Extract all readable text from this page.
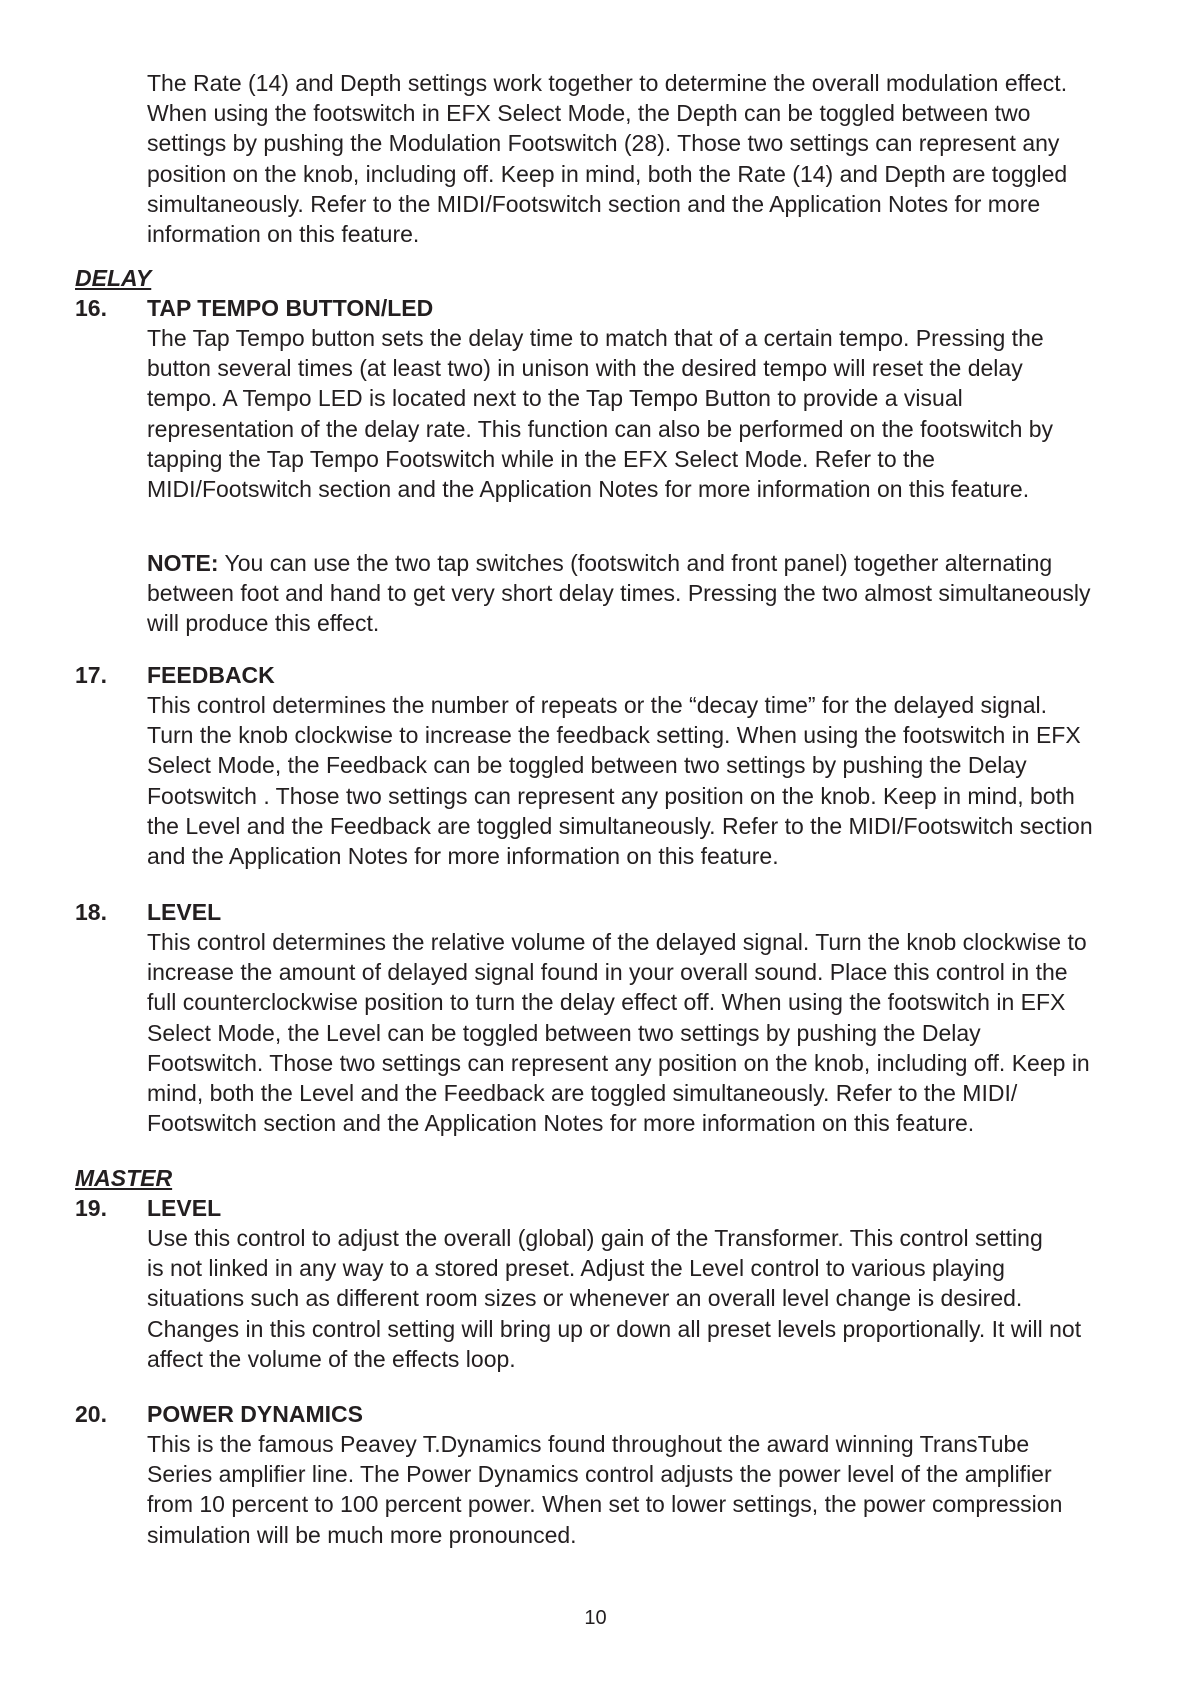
The Rate (14) and Depth settings work together to determine the overall modulation effect.
When using the footswitch in EFX Select Mode, the Depth can be toggled between two
settings by pushing the Modulation Footswitch (28). Those two settings can represent any
position on the knob, including off. Keep in mind, both the Rate (14) and Depth are toggled
simultaneously. Refer to the MIDI/Footswitch section and the Application Notes for more
information on this feature.

DELAY
16. TAP TEMPO BUTTON/LED

The Tap Tempo button sets the delay time to match that of a certain tempo. Pressing the
button several times (at least two) in unison with the desired tempo will reset the delay
tempo. A Tempo LED is located next to the Tap Tempo Button to provide a visual
representation of the delay rate. This function can also be performed on the footswitch by
tapping the Tap Tempo Footswitch while in the EFX Select Mode. Refer to the
MIDI/Footswitch section and the Application Notes for more information on this feature.

NOTE: You can use the two tap switches (footswitch and front panel) together alternating
between foot and hand to get very short delay times. Pressing the two almost simultaneously
will produce this effect.

17. FEEDBACK

This control determines the number of repeats or the “decay time” for the delayed signal.
Turn the knob clockwise to increase the feedback setting. When using the footswitch in EFX
Select Mode, the Feedback can be toggled between two settings by pushing the Delay
Footswitch . Those two settings can represent any position on the knob. Keep in mind, both
the Level and the Feedback are toggled simultaneously. Refer to the MIDI/Footswitch section
and the Application Notes for more information on this feature.

18. LEVEL

This control determines the relative volume of the delayed signal. Turn the knob clockwise to
increase the amount of delayed signal found in your overall sound. Place this control in the
full counterclockwise position to turn the delay effect off. When using the footswitch in EFX
Select Mode, the Level can be toggled between two settings by pushing the Delay
Footswitch. Those two settings can represent any position on the knob, including off. Keep in
mind, both the Level and the Feedback are toggled simultaneously. Refer to the MIDI/
Footswitch section and the Application Notes for more information on this feature.

MASTER
19. LEVEL

Use this control to adjust the overall (global) gain of the Transformer. This control setting
is not linked in any way to a stored preset. Adjust the Level control to various playing
situations such as different room sizes or whenever an overall level change is desired.
Changes in this control setting will bring up or down all preset levels proportionally. It will not
affect the volume of the effects loop.

20. POWER DYNAMICS

This is the famous Peavey T.Dynamics found throughout the award winning TransTube
Series amplifier line. The Power Dynamics control adjusts the power level of the amplifier
from 10 percent to 100 percent power. When set to lower settings, the power compression
simulation will be much more pronounced.

10
